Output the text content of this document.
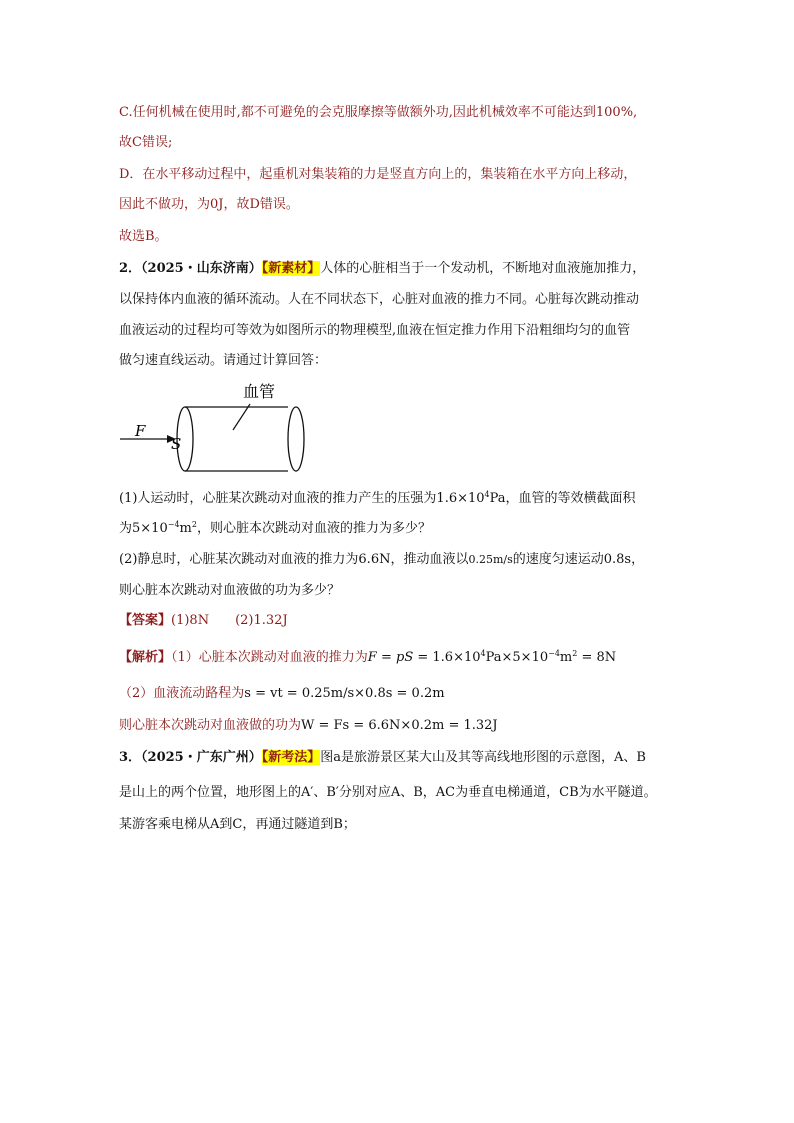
C.任何机械在使用时,都不可避免的会克服摩擦等做额外功,因此机械效率不可能达到100%,
故C错误;
D．在水平移动过程中，起重机对集装箱的力是竖直方向上的，集装箱在水平方向上移动，
因此不做功，为0J，故D错误。
故选B。
2．（2025・山东济南）【新素材】人体的心脏相当于一个发动机，不断地对血液施加推力，
以保持体内血液的循环流动。人在不同状态下，心脏对血液的推力不同。心脏每次跳动推动
血液运动的过程均可等效为如图所示的物理模型,血液在恒定推力作用下沿粗细均匀的血管
做匀速直线运动。请通过计算回答：
血管
F
S
(1)人运动时，心脏某次跳动对血液的推力产生的压强为$1.6\times 10^4Pa$，血管的等效横截面积
为$5\times 10^{-4}m^2$，则心脏本次跳动对血液的推力为多少？
(2)静息时，心脏某次跳动对血液的推力为6.6N，推动血液以0.25m/s的速度匀速运动0.8s，
则心脏本次跳动对血液做的功为多少？
【答案】(1)8N (2)1.32J
【解析】（1）心脏本次跳动对血液的推力为F = pS = $1.6\times 10^4Pa\times 5\times 10^{-4}m^2 = 8N$
（2）血液流动路程为s = vt = 0.25m/s×0.8s = 0.2m
则心脏本次跳动对血液做的功为W = Fs = 6.6N×0.2m = 1.32J
3．（2025・广东广州）【新考法】图a是旅游景区某大山及其等高线地形图的示意图，A、B
是山上的两个位置，地形图上的A′、B′分别对应A、B，AC为垂直电梯通道，CB为水平隧道。
某游客乘电梯从A到C，再通过隧道到B；
